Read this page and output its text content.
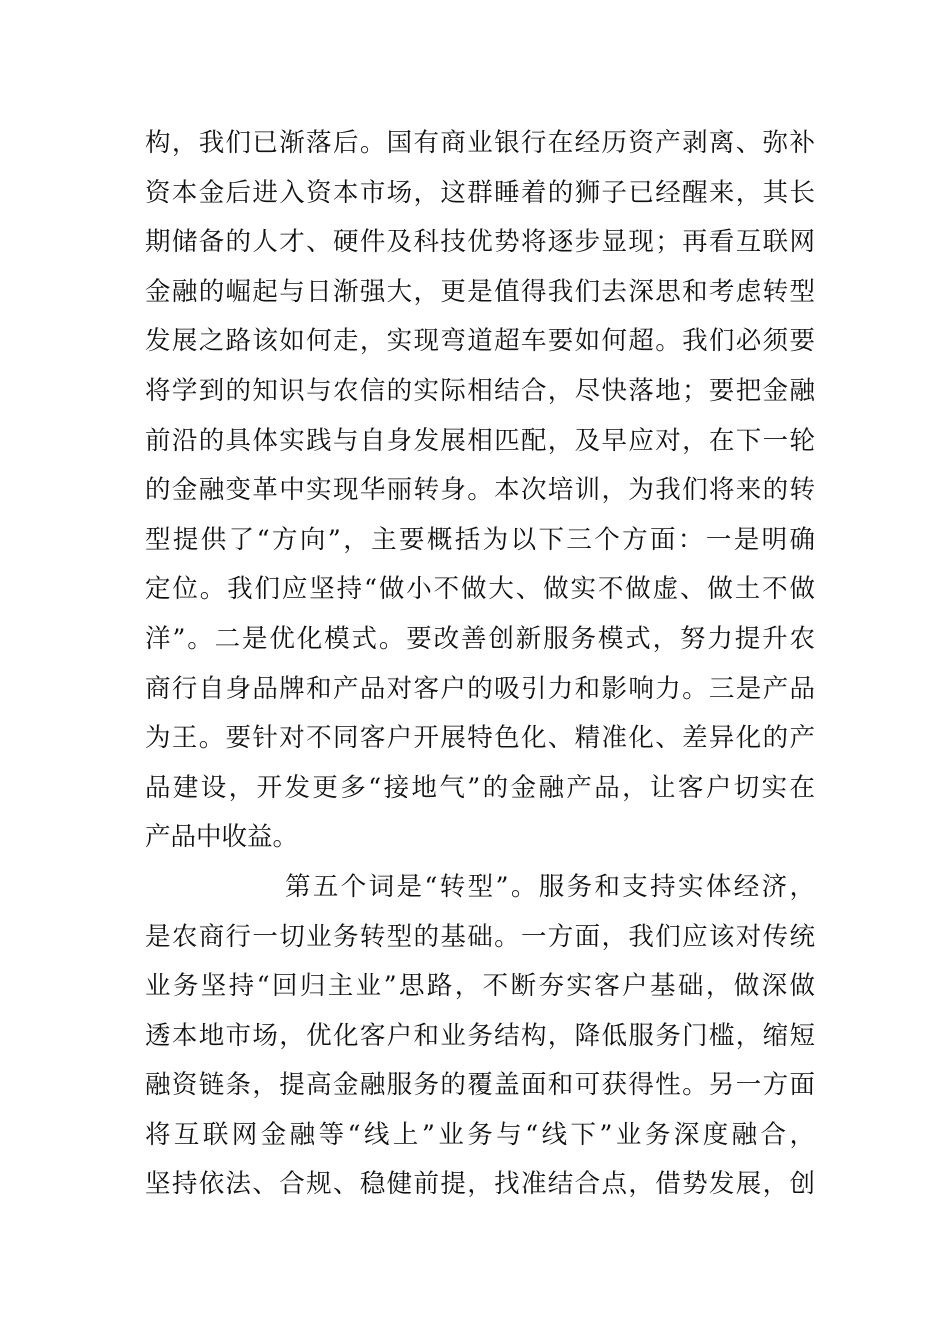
构，我们已渐落后。国有商业银行在经历资产剥离、弥补
资本金后进入资本市场，这群睡着的狮子已经醒来，其长
期储备的人才、硬件及科技优势将逐步显现；再看互联网
金融的崛起与日渐强大，更是值得我们去深思和考虑转型
发展之路该如何走，实现弯道超车要如何超。我们必须要
将学到的知识与农信的实际相结合，尽快落地；要把金融
前沿的具体实践与自身发展相匹配，及早应对，在下一轮
的金融变革中实现华丽转身。本次培训，为我们将来的转
型提供了“方向”，主要概括为以下三个方面：一是明确
定位。我们应坚持“做小不做大、做实不做虚、做土不做
洋”。二是优化模式。要改善创新服务模式，努力提升农
商行自身品牌和产品对客户的吸引力和影响力。三是产品
为王。要针对不同客户开展特色化、精准化、差异化的产
品建设，开发更多“接地气”的金融产品，让客户切实在
产品中收益。
第五个词是“转型”。服务和支持实体经济，
是农商行一切业务转型的基础。一方面，我们应该对传统
业务坚持“回归主业”思路，不断夯实客户基础，做深做
透本地市场，优化客户和业务结构，降低服务门槛，缩短
融资链条，提高金融服务的覆盖面和可获得性。另一方面
将互联网金融等“线上”业务与“线下”业务深度融合，
坚持依法、合规、稳健前提，找准结合点，借势发展，创
